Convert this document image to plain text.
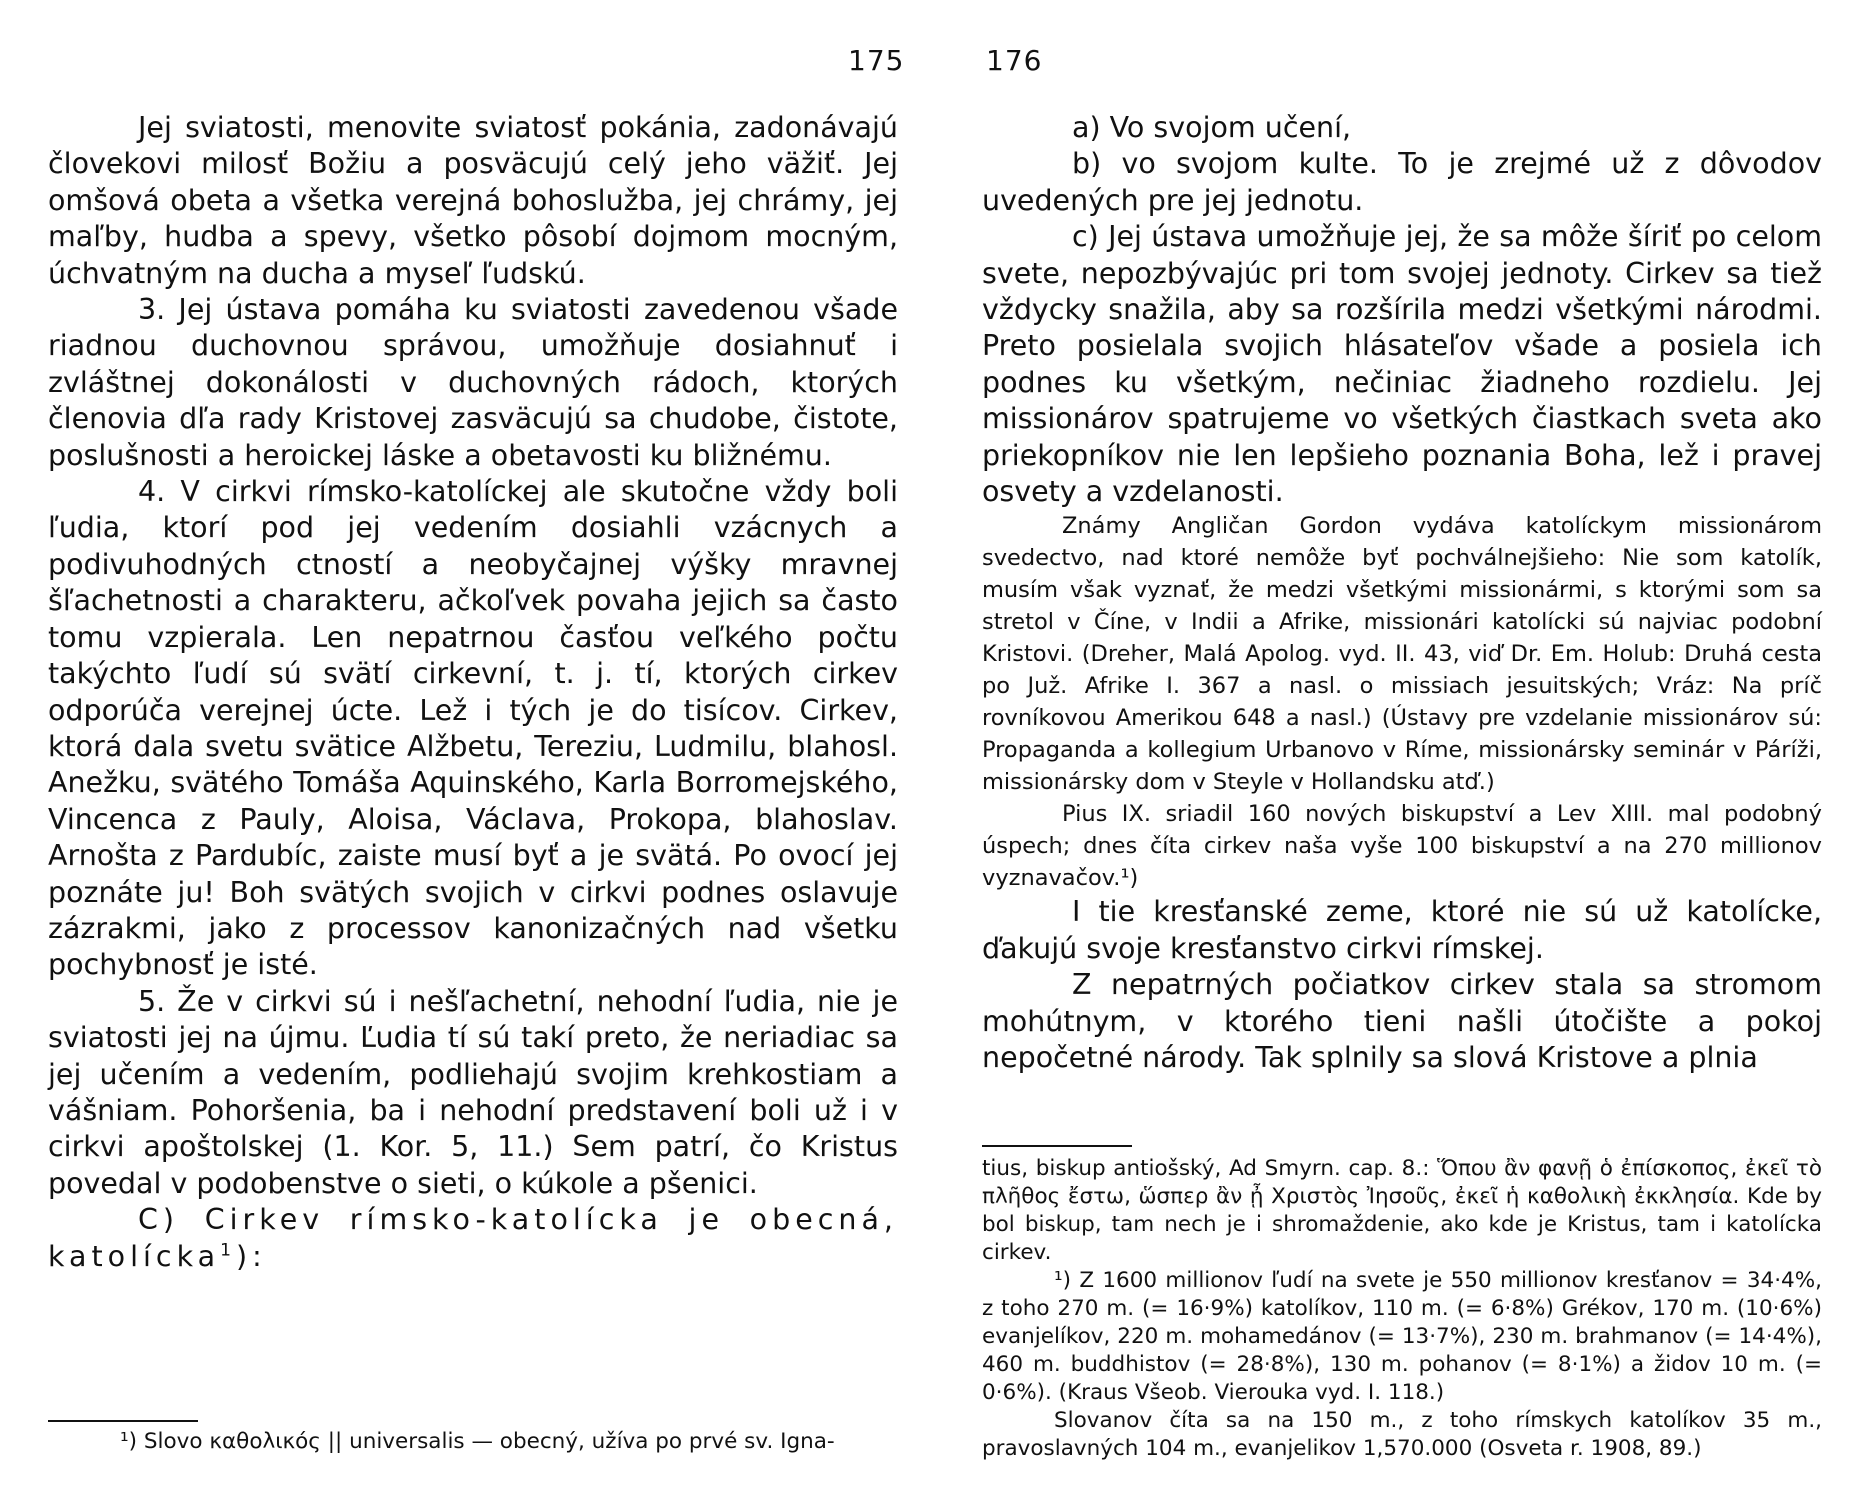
175

Jej sviatosti, menovite sviatosť pokánia, zadonávajú človekovi milosť Božiu a posväcujú celý jeho väžiť. Jej omšová obeta a všetka verejná bohoslužba, jej chrámy, jej maľby, hudba a spevy, všetko pôsobí dojmom mocným, úchvatným na ducha a myseľ ľudskú.

3. Jej ústava pomáha ku sviatosti zavedenou všade riadnou duchovnou správou, umožňuje dosiahnuť i zvláštnej dokonálosti v duchovných rádoch, ktorých členovia dľa rady Kristovej zasväcujú sa chudobe, čistote, poslušnosti a heroickej láske a obetavosti ku bližnému.

4. V cirkvi rímsko-katolíckej ale skutočne vždy boli ľudia, ktorí pod jej vedením dosiahli vzácnych a podivuhodných ctností a neobyčajnej výšky mravnej šľachetnosti a charakteru, ačkoľvek povaha jejich sa často tomu vzpierala. Len nepatrnou časťou veľkého počtu takýchto ľudí sú svätí cirkevní, t. j. tí, ktorých cirkev odporúča verejnej úcte. Lež i tých je do tisícov. Cirkev, ktorá dala svetu svätice Alžbetu, Tereziu, Ludmilu, blahosl. Anežku, svätého Tomáša Aquinského, Karla Borromejského, Vincenca z Pauly, Aloisa, Václava, Prokopa, blahoslav. Arnošta z Pardubíc, zaiste musí byť a je svätá. Po ovocí jej poznáte ju! Boh svätých svojich v cirkvi podnes oslavuje zázrakmi, jako z processov kanonizačných nad všetku pochybnosť je isté.

5. Že v cirkvi sú i nešľachetní, nehodní ľudia, nie je sviatosti jej na újmu. Ľudia tí sú takí preto, že neriadiac sa jej učením a vedením, podliehajú svojim krehkostiam a vášniam. Pohoršenia, ba i nehodní predstavení boli už i v cirkvi apoštolskej (1. Kor. 5, 11.) Sem patrí, čo Kristus povedal v podobenstve o sieti, o kúkole a pšenici.

C) Cirkev rímsko-katolícka je obecná, katolícka$^1$):

¹) Slovo καθολικός || universalis — obecný, užíva po prvé sv. Igna-

176

a) Vo svojom učení,

b) vo svojom kulte. To je zrejmé už z dôvodov uvedených pre jej jednotu.

c) Jej ústava umožňuje jej, že sa môže šíriť po celom svete, nepozbývajúc pri tom svojej jednoty. Cirkev sa tiež vždycky snažila, aby sa rozšírila medzi všetkými národmi. Preto posielala svojich hlásateľov všade a posiela ich podnes ku všetkým, nečiniac žiadneho rozdielu. Jej missionárov spatrujeme vo všetkých čiastkach sveta ako priekopníkov nie len lepšieho poznania Boha, lež i pravej osvety a vzdelanosti.

Známy Angličan Gordon vydáva katolíckym missionárom svedectvo, nad ktoré nemôže byť pochválnejšieho: Nie som katolík, musím však vyznať, že medzi všetkými missionármi, s ktorými som sa stretol v Číne, v Indii a Afrike, missionári katolícki sú najviac podobní Kristovi. (Dreher, Malá Apolog. vyd. II. 43, viď Dr. Em. Holub: Druhá cesta po Juž. Afrike I. 367 a nasl. o missiach jesuitských; Vráz: Na príč rovníkovou Amerikou 648 a nasl.) (Ústavy pre vzdelanie missionárov sú: Propaganda a kollegium Urbanovo v Ríme, missionársky seminár v Páríži, missionársky dom v Steyle v Hollandsku atď.)

Pius IX. sriadil 160 nových biskupství a Lev XIII. mal podobný úspech; dnes číta cirkev naša vyše 100 biskupství a na 270 millionov vyznavačov.¹)

I tie kresťanské zeme, ktoré nie sú už katolícke, ďakujú svoje kresťanstvo cirkvi rímskej.

Z nepatrných počiatkov cirkev stala sa stromom mohútnym, v ktorého tieni našli útočište a pokoj nepočetné národy. Tak splnily sa slová Kristove a plnia

tius, biskup antiošský, Ad Smyrn. cap. 8.: Ὅπου ἂν φανῇ ὁ ἐπίσκοπος, ἐκεῖ τὸ πλῆθος ἔστω, ὥσπερ ἂν ᾖ Χριστὸς Ἰησοῦς, ἐκεῖ ἡ καθολικὴ ἐκκλησία. Kde by bol biskup, tam nech je i shromaždenie, ako kde je Kristus, tam i katolícka cirkev.

¹) Z 1600 millionov ľudí na svete je 550 millionov kresťanov = 34·4%, z toho 270 m. (= 16·9%) katolíkov, 110 m. (= 6·8%) Grékov, 170 m. (10·6%) evanjelíkov, 220 m. mohamedánov (= 13·7%), 230 m. brahmanov (= 14·4%), 460 m. buddhistov (= 28·8%), 130 m. pohanov (= 8·1%) a židov 10 m. (= 0·6%). (Kraus Všeob. Vierouka vyd. I. 118.)

Slovanov číta sa na 150 m., z toho rímskych katolíkov 35 m., pravoslavných 104 m., evanjelikov 1,570.000 (Osveta r. 1908, 89.)
